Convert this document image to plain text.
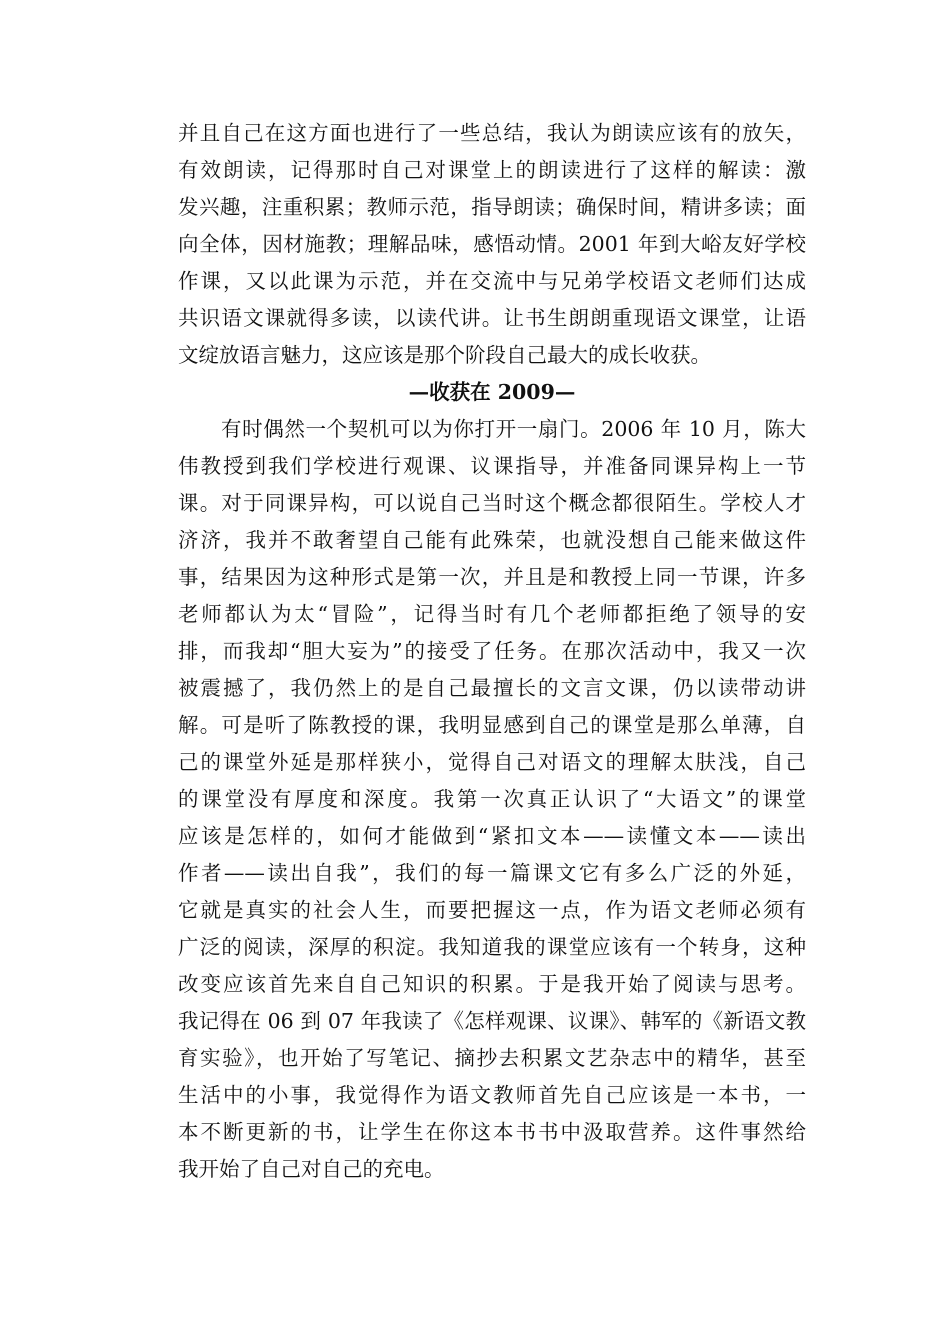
并且自己在这方面也进行了一些总结，我认为朗读应该有的放矢，
有效朗读，记得那时自己对课堂上的朗读进行了这样的解读：激
发兴趣，注重积累；教师示范，指导朗读；确保时间，精讲多读；面
向全体，因材施教；理解品味，感悟动情。2001 年到大峪友好学校
作课，又以此课为示范，并在交流中与兄弟学校语文老师们达成
共识语文课就得多读，以读代讲。让书生朗朗重现语文课堂，让语
文绽放语言魅力，这应该是那个阶段自己最大的成长收获。
—收获在 2009—
有时偶然一个契机可以为你打开一扇门。2006 年 10 月，陈大
伟教授到我们学校进行观课、议课指导，并准备同课异构上一节
课。对于同课异构，可以说自己当时这个概念都很陌生。学校人才
济济，我并不敢奢望自己能有此殊荣，也就没想自己能来做这件
事，结果因为这种形式是第一次，并且是和教授上同一节课，许多
老师都认为太“冒险”，记得当时有几个老师都拒绝了领导的安
排，而我却“胆大妄为”的接受了任务。在那次活动中，我又一次
被震撼了，我仍然上的是自己最擅长的文言文课，仍以读带动讲
解。可是听了陈教授的课，我明显感到自己的课堂是那么单薄，自
己的课堂外延是那样狭小，觉得自己对语文的理解太肤浅，自己
的课堂没有厚度和深度。我第一次真正认识了“大语文”的课堂
应该是怎样的，如何才能做到“紧扣文本——读懂文本——读出
作者——读出自我”，我们的每一篇课文它有多么广泛的外延，
它就是真实的社会人生，而要把握这一点，作为语文老师必须有
广泛的阅读，深厚的积淀。我知道我的课堂应该有一个转身，这种
改变应该首先来自自己知识的积累。于是我开始了阅读与思考。
我记得在 06 到 07 年我读了《怎样观课、议课》、韩军的《新语文教
育实验》，也开始了写笔记、摘抄去积累文艺杂志中的精华，甚至
生活中的小事，我觉得作为语文教师首先自己应该是一本书，一
本不断更新的书，让学生在你这本书书中汲取营养。这件事然给
我开始了自己对自己的充电。
